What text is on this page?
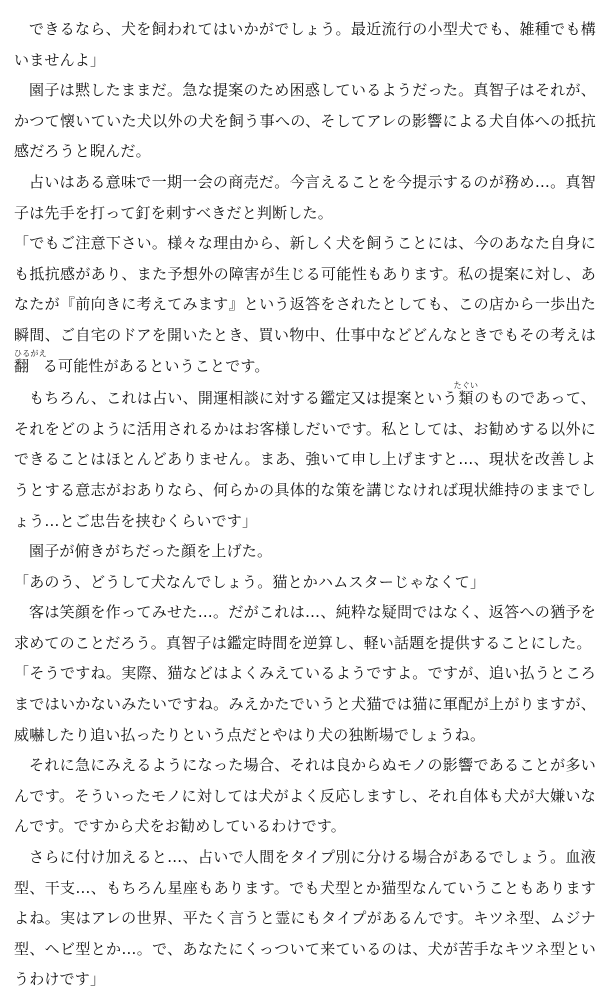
できるなら、犬を飼われてはいかがでしょう。最近流行の小型犬でも、雑種でも構いませんよ」

園子は黙したままだ。急な提案のため困惑しているようだった。真智子はそれが、かつて懐いていた犬以外の犬を飼う事への、そしてアレの影響による犬自体への抵抗感だろうと睨んだ。

占いはある意味で一期一会の商売だ。今言えることを今提示するのが務め…。真智子は先手を打って釘を刺すべきだと判断した。

「でもご注意下さい。様々な理由から、新しく犬を飼うことには、今のあなた自身にも抵抗感があり、また予想外の障害が生じる可能性もあります。私の提案に対し、あなたが『前向きに考えてみます』という返答をされたとしても、この店から一歩出た瞬間、ご自宅のドアを開いたとき、買い物中、仕事中などどんなときでもその考えは翻ひるがえる可能性があるということです。

もちろん、これは占い、開運相談に対する鑑定又は提案という類たぐいのものであって、それをどのように活用されるかはお客様しだいです。私としては、お勧めする以外にできることはほとんどありません。まあ、強いて申し上げますと…、現状を改善しようとする意志がおありなら、何らかの具体的な策を講じなければ現状維持のままでしょう…とご忠告を挟むくらいです」

園子が俯きがちだった顔を上げた。

「あのう、どうして犬なんでしょう。猫とかハムスターじゃなくて」

客は笑顔を作ってみせた…。だがこれは…、純粋な疑問ではなく、返答への猶予を求めてのことだろう。真智子は鑑定時間を逆算し、軽い話題を提供することにした。

「そうですね。実際、猫などはよくみえているようですよ。ですが、追い払うところまではいかないみたいですね。みえかたでいうと犬猫では猫に軍配が上がりますが、威嚇したり追い払ったりという点だとやはり犬の独断場でしょうね。

それに急にみえるようになった場合、それは良からぬモノの影響であることが多いんです。そういったモノに対しては犬がよく反応しますし、それ自体も犬が大嫌いなんです。ですから犬をお勧めしているわけです。

さらに付け加えると…、占いで人間をタイプ別に分ける場合があるでしょう。血液型、干支…、もちろん星座もあります。でも犬型とか猫型なんていうこともありますよね。実はアレの世界、平たく言うと霊にもタイプがあるんです。キツネ型、ムジナ型、ヘビ型とか…。で、あなたにくっついて来ているのは、犬が苦手なキツネ型というわけです」
